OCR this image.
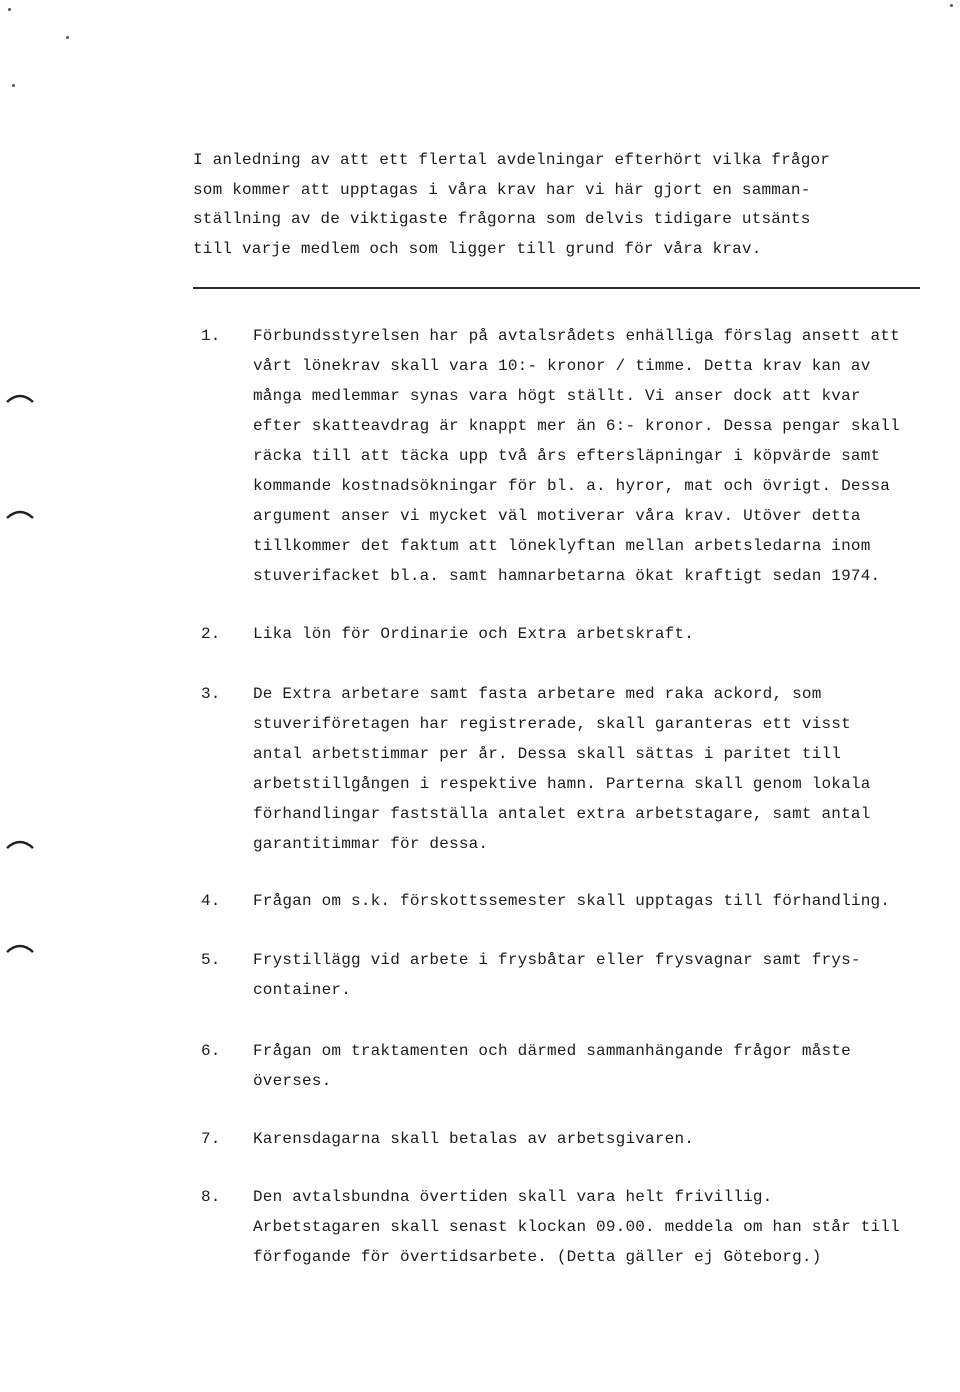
I anledning av att ett flertal avdelningar efterhört vilka frågor
som kommer att upptagas i våra krav har vi här gjort en samman-
ställning av de viktigaste frågorna som delvis tidigare utsänts
till varje medlem och som ligger till grund för våra krav.
1.	Förbundsstyrelsen har på avtalsrådets enhälliga förslag ansett att
vårt lönekrav skall vara 10:- kronor / timme. Detta krav kan av
många medlemmar synas vara högt ställt. Vi anser dock att kvar
efter skatteavdrag är knappt mer än 6:- kronor. Dessa pengar skall
räcka till att täcka upp två års eftersläpningar i köpvärde samt
kommande kostnadsökningar för bl. a. hyror, mat och övrigt. Dessa
argument anser vi mycket väl motiverar våra krav. Utöver detta
tillkommer det faktum att löneklyftan mellan arbetsledarna inom
stuverifacket bl.a. samt hamnarbetarna ökat kraftigt sedan 1974.
2.	Lika lön för Ordinarie och Extra arbetskraft.
3.	De Extra arbetare samt fasta arbetare med raka ackord, som
stuveriföretagen har registrerade, skall garanteras ett visst
antal arbetstimmar per år. Dessa skall sättas i paritet till
arbetstillgången i respektive hamn. Parterna skall genom lokala
förhandlingar fastställa antalet extra arbetstagare, samt antal
garantitimmar för dessa.
4.	Frågan om s.k. förskottssemester skall upptagas till förhandling.
5.	Frystillägg vid arbete i frysbåtar eller frysvagnar samt frys-
container.
6.	Frågan om traktamenten och därmed sammanhängande frågor måste
överses.
7.	Karensdagarna skall betalas av arbetsgivaren.
8.	Den avtalsbundna övertiden skall vara helt frivillig.
Arbetstagaren skall senast klockan 09.00. meddela om han står till
förfogande för övertidsarbete. (Detta gäller ej Göteborg.)
